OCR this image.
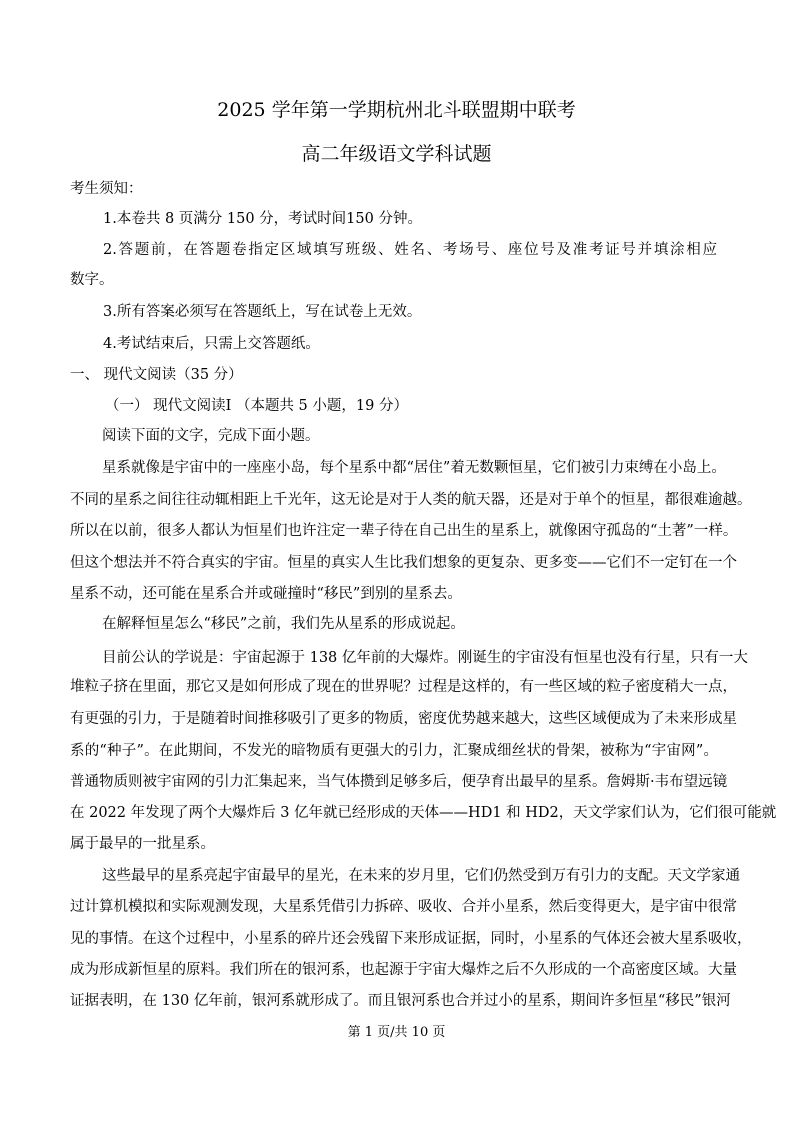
2025 学年第一学期杭州北斗联盟期中联考
高二年级语文学科试题
考生须知：
1.本卷共 8 页满分 150 分，考试时间150 分钟。
2.答题前，在答题卷指定区域填写班级、姓名、考场号、座位号及准考证号并填涂相应
数字。
3.所有答案必须写在答题纸上，写在试卷上无效。
4.考试结束后，只需上交答题纸。
一、 现代文阅读（35 分）
（一） 现代文阅读Ⅰ （本题共 5 小题，19 分）
阅读下面的文字，完成下面小题。
星系就像是宇宙中的一座座小岛，每个星系中都“居住”着无数颗恒星，它们被引力束缚在小岛上。
不同的星系之间往往动辄相距上千光年，这无论是对于人类的航天器，还是对于单个的恒星，都很难逾越。
所以在以前，很多人都认为恒星们也许注定一辈子待在自己出生的星系上，就像困守孤岛的“土著”一样。
但这个想法并不符合真实的宇宙。恒星的真实人生比我们想象的更复杂、更多变——它们不一定钉在一个
星系不动，还可能在星系合并或碰撞时“移民”到别的星系去。
在解释恒星怎么“移民”之前，我们先从星系的形成说起。
目前公认的学说是：宇宙起源于 138 亿年前的大爆炸。刚诞生的宇宙没有恒星也没有行星，只有一大
堆粒子挤在里面，那它又是如何形成了现在的世界呢？过程是这样的，有一些区域的粒子密度稍大一点，
有更强的引力，于是随着时间推移吸引了更多的物质，密度优势越来越大，这些区域便成为了未来形成星
系的“种子”。在此期间，不发光的暗物质有更强大的引力，汇聚成细丝状的骨架，被称为“宇宙网”。
普通物质则被宇宙网的引力汇集起来，当气体攒到足够多后，便孕育出最早的星系。詹姆斯·韦布望远镜
在 2022 年发现了两个大爆炸后 3 亿年就已经形成的天体——HD1 和 HD2，天文学家们认为，它们很可能就
属于最早的一批星系。
这些最早的星系亮起宇宙最早的星光，在未来的岁月里，它们仍然受到万有引力的支配。天文学家通
过计算机模拟和实际观测发现，大星系凭借引力拆碎、吸收、合并小星系，然后变得更大，是宇宙中很常
见的事情。在这个过程中，小星系的碎片还会残留下来形成证据，同时，小星系的气体还会被大星系吸收，
成为形成新恒星的原料。我们所在的银河系，也起源于宇宙大爆炸之后不久形成的一个高密度区域。大量
证据表明，在 130 亿年前，银河系就形成了。而且银河系也合并过小的星系，期间许多恒星“移民”银河
第 1 页/共 10 页
